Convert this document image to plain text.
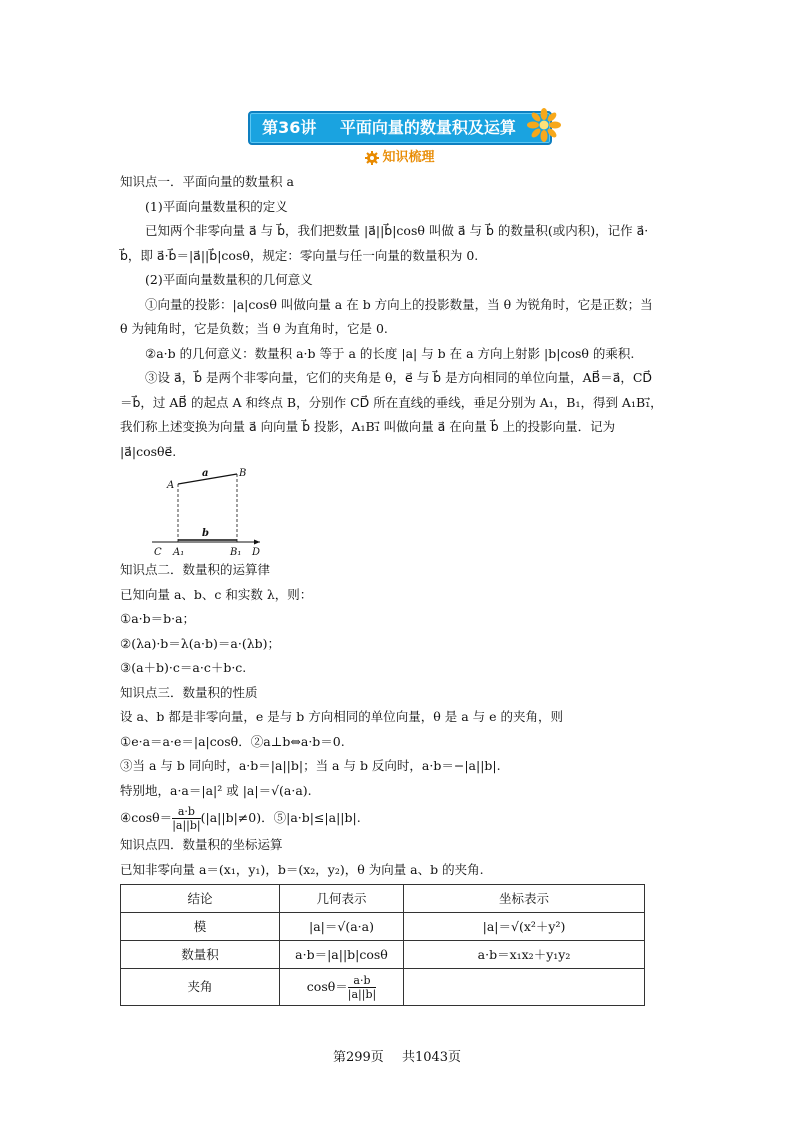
第36讲 平面向量的数量积及运算
知识梳理

知识点一．平面向量的数量积 a

(1)平面向量数量积的定义

已知两个非零向量 a⃗ 与 b⃗，我们把数量 |a⃗||b⃗|cosθ 叫做 a⃗ 与 b⃗ 的数量积(或内积)，记作 a⃗·

b⃗，即 a⃗·b⃗＝|a⃗||b⃗|cosθ，规定：零向量与任一向量的数量积为 0.

(2)平面向量数量积的几何意义

①向量的投影：|a|cosθ 叫做向量 a 在 b 方向上的投影数量，当 θ 为锐角时，它是正数；当

θ 为钝角时，它是负数；当 θ 为直角时，它是 0.

②a·b 的几何意义：数量积 a·b 等于 a 的长度 |a| 与 b 在 a 方向上射影 |b|cosθ 的乘积.

③设 a⃗，b⃗ 是两个非零向量，它们的夹角是 θ，e⃗ 与 b⃗ 是方向相同的单位向量，AB⃗＝a⃗，CD⃗

＝b⃗，过 AB⃗ 的起点 A 和终点 B，分别作 CD⃗ 所在直线的垂线，垂足分别为 A₁，B₁，得到 A₁B₁⃗，

我们称上述变换为向量 a⃗ 向向量 b⃗ 投影，A₁B₁⃗ 叫做向量 a⃗ 在向量 b⃗ 上的投影向量．记为

|a⃗|cosθe⃗.

A
B
a
b
C A₁	B₁ D

知识点二．数量积的运算律

已知向量 a、b、c 和实数 λ，则：

①a·b＝b·a；

②(λa)·b＝λ(a·b)＝a·(λb)；

③(a＋b)·c＝a·c＋b·c.

知识点三．数量积的性质

设 a、b 都是非零向量，e 是与 b 方向相同的单位向量，θ 是 a 与 e 的夹角，则

①e·a＝a·e＝|a|cosθ．②a⊥b⇔a·b＝0.

③当 a 与 b 同向时，a·b＝|a||b|；当 a 与 b 反向时，a·b＝−|a||b|.

特别地，a·a＝|a|² 或 |a|＝√(a·a).

④cosθ＝ $\frac{a\cdot b}{|a||b|} (|a||b|\ne 0)$．⑤|a·b|≤|a||b|.

知识点四．数量积的坐标运算

已知非零向量 a＝(x₁，y₁)，b＝(x₂，y₂)，θ 为向量 a、b 的夹角.

结论	几何表示	坐标表示
模	|a|＝√(a·a)	|a|＝√(x²＋y²)
数量积	a·b＝|a||b|cosθ	a·b＝x₁x₂＋y₁y₂
夹角	$\cos\theta= \frac{a\cdot b}{|a||b|}$

第299页 共1043页
